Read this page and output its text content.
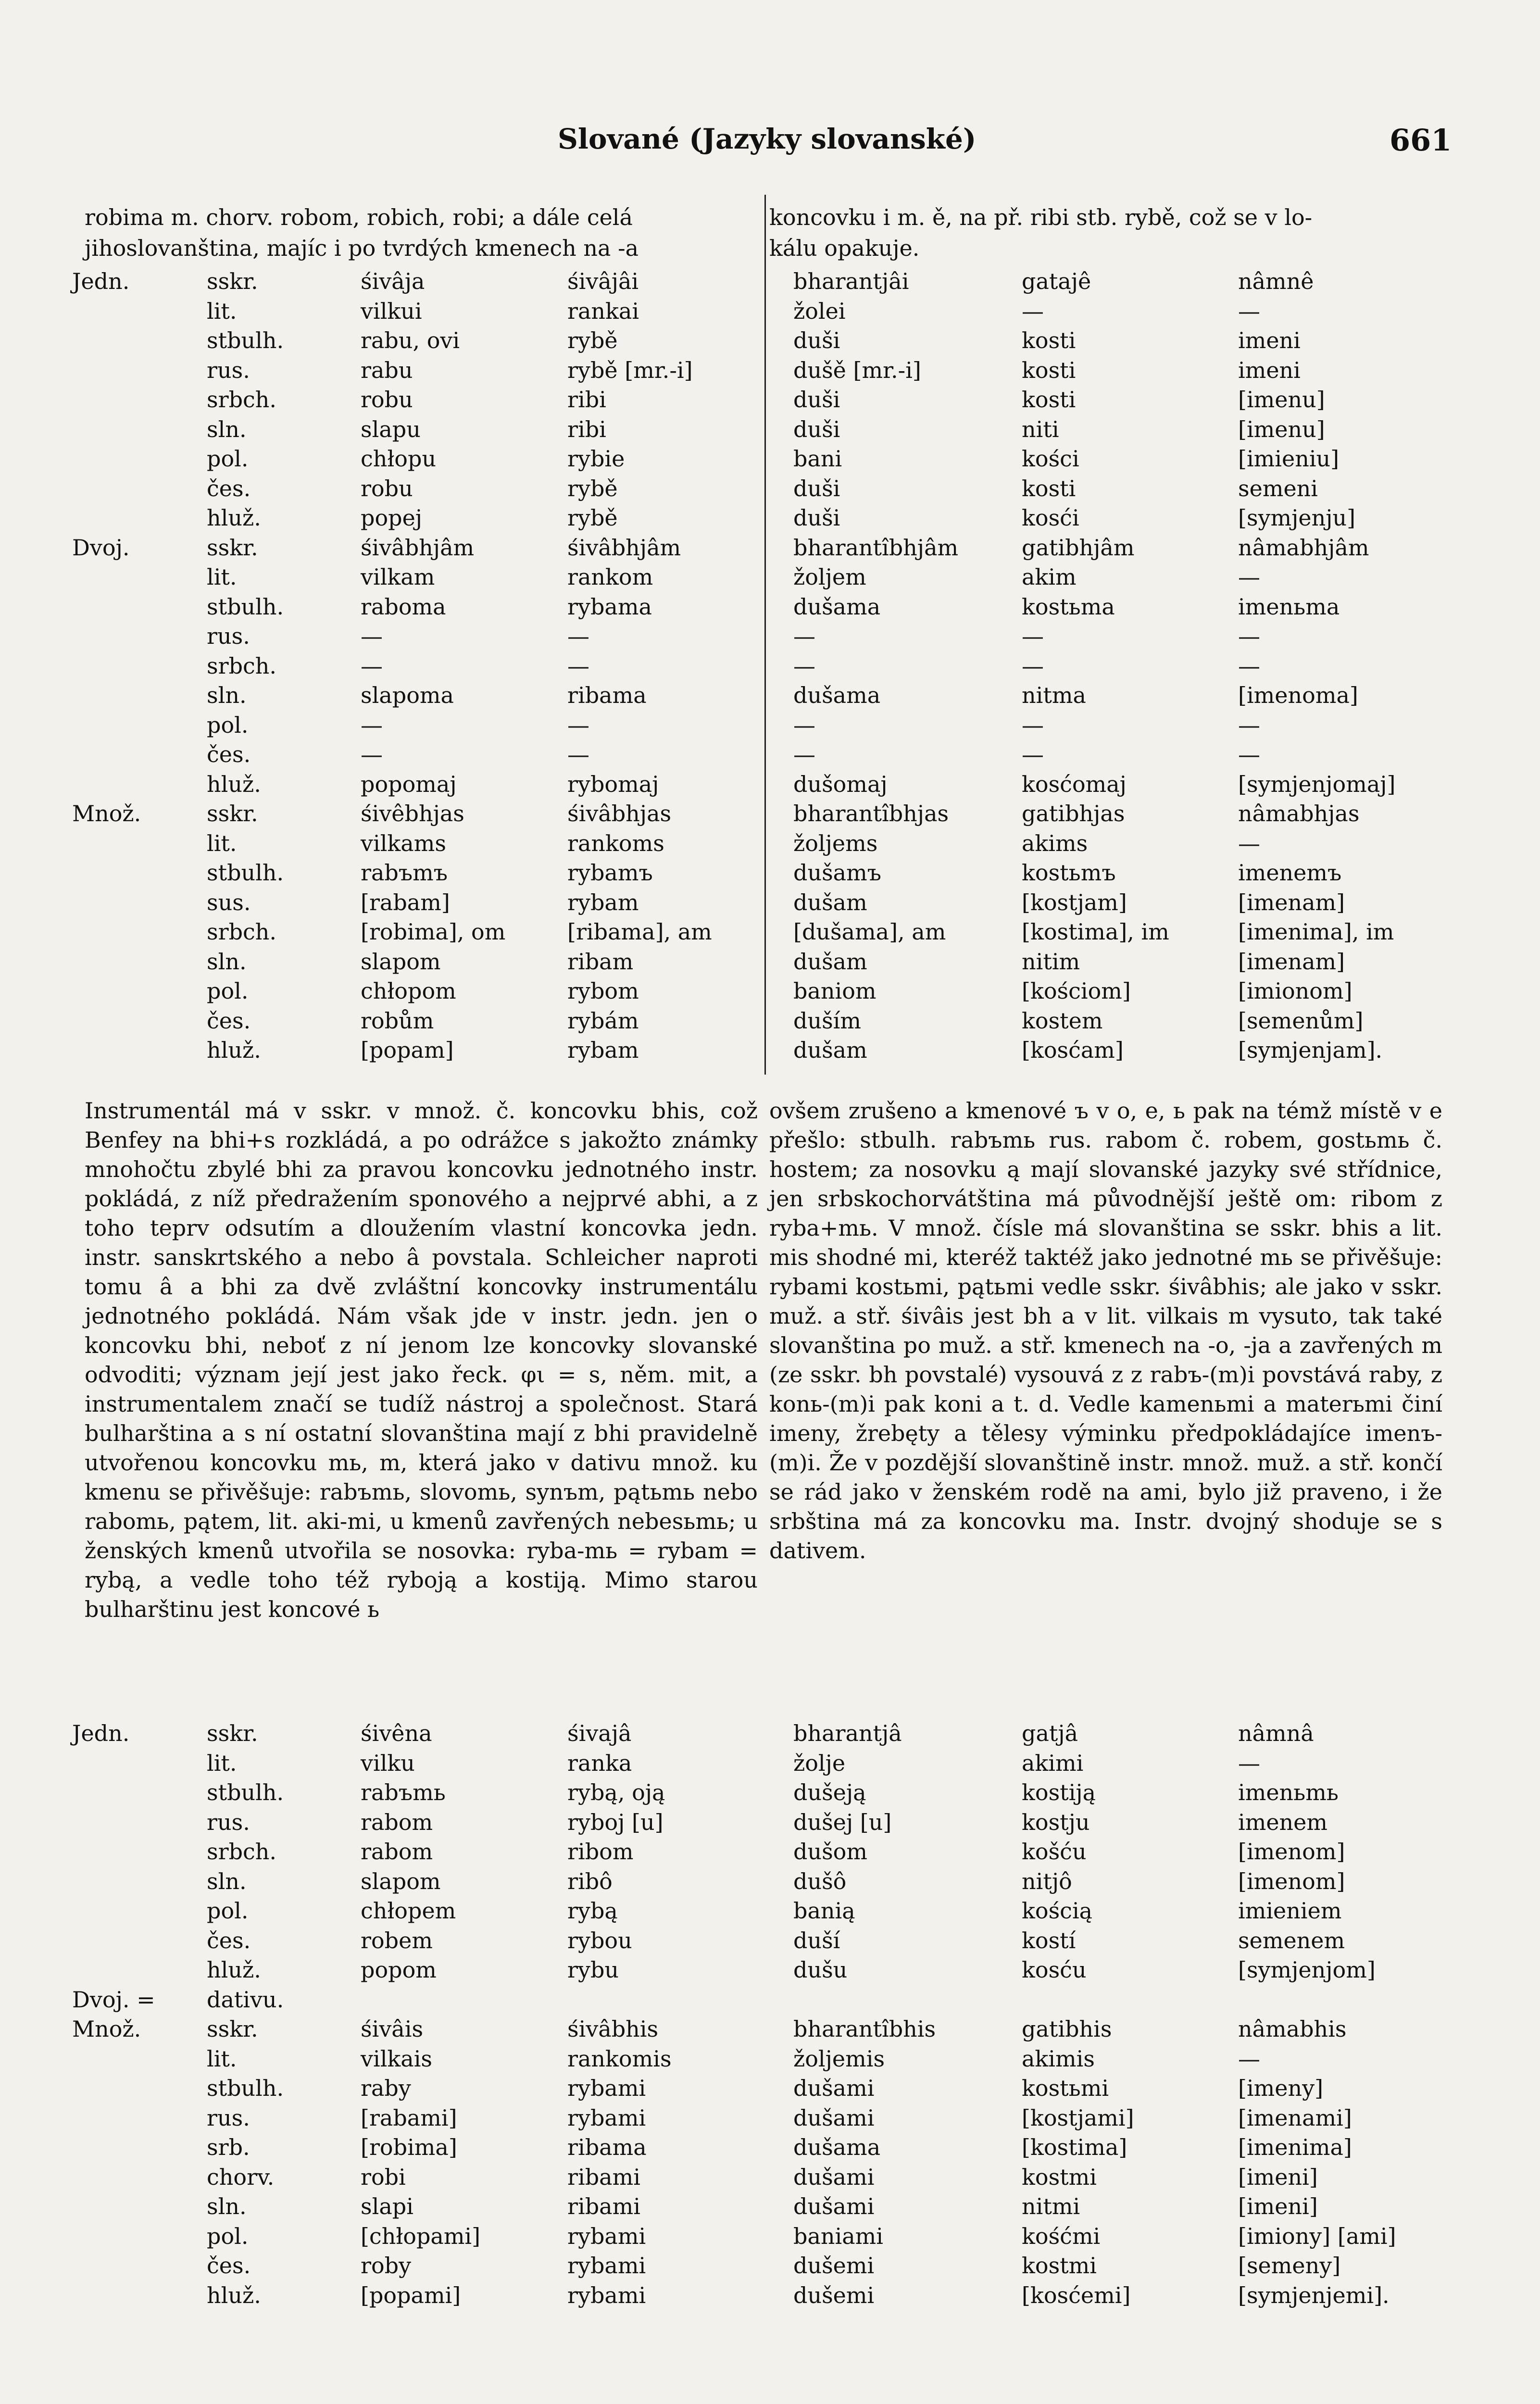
Slované (Jazyky slovanské)	661

robima m. chorv. robom, robich, robi; a dále celá

jihoslovanština, majíc i po tvrdých kmenech na -a

koncovku i m. ě, na př. ribi stb. rybě, což se v lo-

kálu opakuje.

Jedn.	sskr.	śivâja	śivâjâi	bharantjâi	gatajê	nâmnê
	lit.	vilkui	rankai	žolei	—	—
	stbulh.	rabu, ovi	rybě	duši	kosti	imeni
	rus.	rabu	rybě [mr.-i]	dušě [mr.-i]	kosti	imeni
	srbch.	robu	ribi	duši	kosti	[imenu]
	sln.	slapu	ribi	duši	niti	[imenu]
	pol.	chłopu	rybie	bani	kości	[imieniu]
	čes.	robu	rybě	duši	kosti	semeni
	hluž.	popej	rybě	duši	kosći	[symjenju]
Dvoj.	sskr.	śivâbhjâm	śivâbhjâm	bharantîbhjâm	gatibhjâm	nâmabhjâm
	lit.	vilkam	rankom	žoljem	akim	—
	stbulh.	raboma	rybama	dušama	kostьma	imenьma
	rus.	—	—	—	—	—
	srbch.	—	—	—	—	—
	sln.	slapoma	ribama	dušama	nitma	[imenoma]
	pol.	—	—	—	—	—
	čes.	—	—	—	—	—
	hluž.	popomaj	rybomaj	dušomaj	kosćomaj	[symjenjomaj]
Množ.	sskr.	śivêbhjas	śivâbhjas	bharantîbhjas	gatibhjas	nâmabhjas
	lit.	vilkams	rankoms	žoljems	akims	—
	stbulh.	rabъmъ	rybamъ	dušamъ	kostьmъ	imenemъ
	sus.	[rabam]	rybam	dušam	[kostjam]	[imenam]
	srbch.	[robima], om	[ribama], am	[dušama], am	[kostima], im	[imenima], im
	sln.	slapom	ribam	dušam	nitim	[imenam]
	pol.	chłopom	rybom	baniom	[kościom]	[imionom]
	čes.	robům	rybám	duším	kostem	[semenům]
	hluž.	[popam]	rybam	dušam	[kosćam]	[symjenjam].

Instrumentál má v sskr. v množ. č. koncovku bhis, což Benfey na bhi+s rozkládá, a po odrážce s jakožto známky mnohočtu zbylé bhi za pravou koncovku jednotného instr. pokládá, z níž předražením sponového a nejprvé abhi, a z toho teprv odsutím a dloužením vlastní koncovka jedn. instr. sanskrtského a nebo â povstala. Schleicher naproti tomu â a bhi za dvě zvláštní koncovky instrumentálu jednotného pokládá. Nám však jde v instr. jedn. jen o koncovku bhi, neboť z ní jenom lze koncovky slovanské odvoditi; význam její jest jako řeck. φι = s, něm. mit, a instrumentalem značí se tudíž nástroj a společnost. Stará bulharština a s ní ostatní slovanština mají z bhi pravidelně utvořenou koncovku mь, m, která jako v dativu množ. ku kmenu se přivěšuje: rabъmь, slovomь, synъm, pątьmь nebo rabomь, pątem, lit. aki-mi, u kmenů zavřených nebesьmь; u ženských kmenů utvořila se nosovka: ryba-mь = rybam = rybą, a vedle toho též ryboją a kostiją. Mimo starou bulharštinu jest koncové ь

ovšem zrušeno a kmenové ъ v o, e, ь pak na témž místě v e přešlo: stbulh. rabъmь rus. rabom č. robem, gostьmь č. hostem; za nosovku ą mají slovanské jazyky své střídnice, jen srbskochorvátština má původnější ještě om: ribom z ryba+mь. V množ. čísle má slovanština se sskr. bhis a lit. mis shodné mi, kteréž taktéž jako jednotné mь se přivěšuje: rybami kostьmi, pątьmi vedle sskr. śivâbhis; ale jako v sskr. muž. a stř. śivâis jest bh a v lit. vilkais m vysuto, tak také slovanština po muž. a stř. kmenech na -o, -ja a zavřených m (ze sskr. bh povstalé) vysouvá z z rabъ-(m)i povstává raby, z konь-(m)i pak koni a t. d. Vedle kamenьmi a materьmi činí imeny, žrebęty a tělesy výminku předpokládajíce imenъ-(m)i. Že v pozdější slovanštině instr. množ. muž. a stř. končí se rád jako v ženském rodě na ami, bylo již praveno, i že srbština má za koncovku ma. Instr. dvojný shoduje se s dativem.

Jedn.	sskr.	śivêna	śivajâ	bharantjâ	gatjâ	nâmnâ
	lit.	vilku	ranka	žolje	akimi	—
	stbulh.	rabъmь	rybą, oją	dušeją	kostiją	imenьmь
	rus.	rabom	ryboj [u]	dušej [u]	kostju	imenem
	srbch.	rabom	ribom	dušom	košću	[imenom]
	sln.	slapom	ribô	dušô	nitjô	[imenom]
	pol.	chłopem	rybą	banią	kością	imieniem
	čes.	robem	rybou	duší	kostí	semenem
	hluž.	popom	rybu	dušu	kosću	[symjenjom]
Dvoj. =	dativu.					
Množ.	sskr.	śivâis	śivâbhis	bharantîbhis	gatibhis	nâmabhis
	lit.	vilkais	rankomis	žoljemis	akimis	—
	stbulh.	raby	rybami	dušami	kostьmi	[imeny]
	rus.	[rabami]	rybami	dušami	[kostjami]	[imenami]
	srb.	[robima]	ribama	dušama	[kostima]	[imenima]
	chorv.	robi	ribami	dušami	kostmi	[imeni]
	sln.	slapi	ribami	dušami	nitmi	[imeni]
	pol.	[chłopami]	rybami	baniami	kośćmi	[imiony] [ami]
	čes.	roby	rybami	dušemi	kostmi	[semeny]
	hluž.	[popami]	rybami	dušemi	[kosćemi]	[symjenjemi].
